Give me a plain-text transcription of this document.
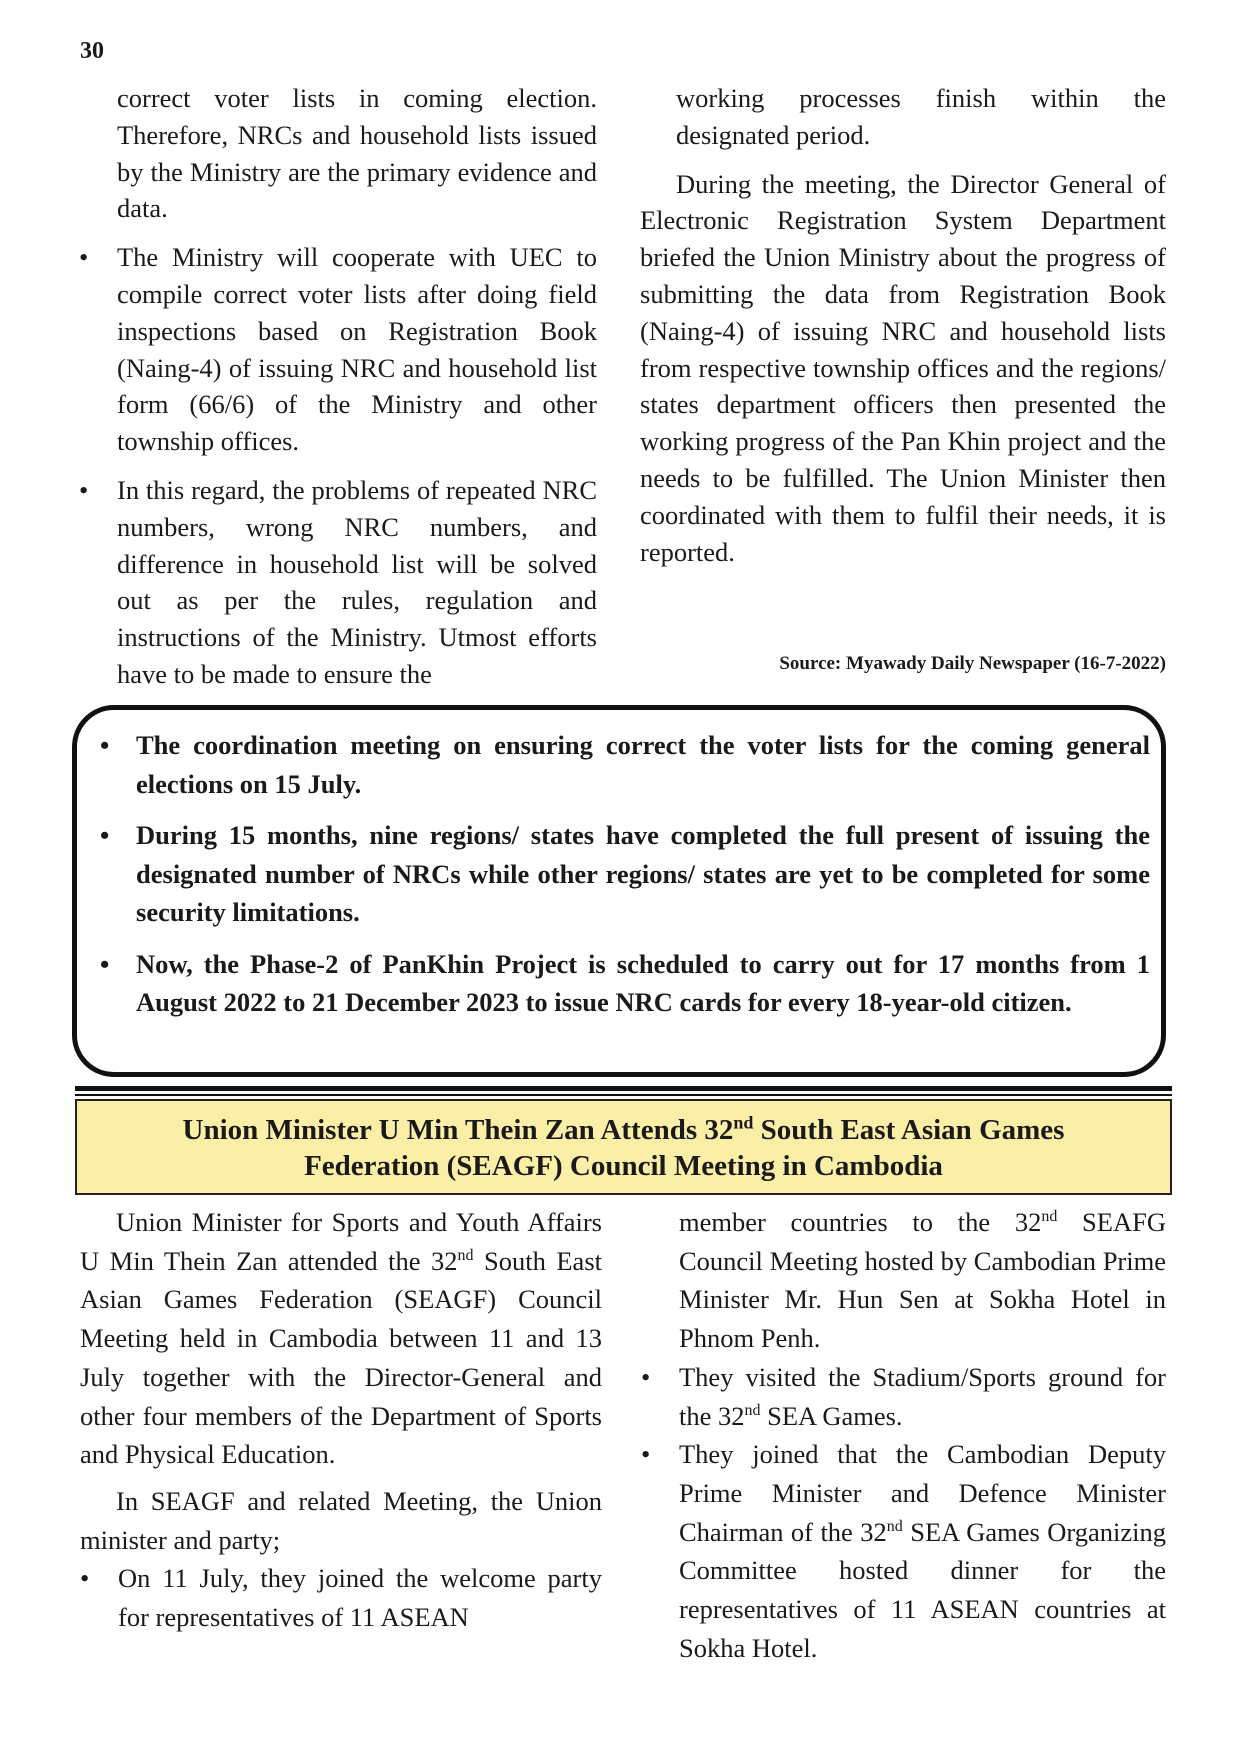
30

correct voter lists in coming election. Therefore, NRCs and household lists issued by the Ministry are the primary evidence and data.

•	The Ministry will cooperate with UEC to compile correct voter lists after doing field inspections based on Registration Book (Naing-4) of issuing NRC and household list form (66/6) of the Ministry and other township offices.
•	In this regard, the problems of repeated NRC numbers, wrong NRC numbers, and difference in household list will be solved out as per the rules, regulation and instructions of the Ministry. Utmost efforts have to be made to ensure the

working processes finish within the designated period.

During the meeting, the Director General of Electronic Registration System Department briefed the Union Ministry about the progress of submitting the data from Registration Book (Naing-4) of issuing NRC and household lists from respective township offices and the regions/ states department officers then presented the working progress of the Pan Khin project and the needs to be fulfilled. The Union Minister then coordinated with them to fulfil their needs, it is reported.

Source: Myawady Daily Newspaper (16-7-2022)
• The coordination meeting on ensuring correct the voter lists for the coming general elections on 15 July.
• During 15 months, nine regions/ states have completed the full present of issuing the designated number of NRCs while other regions/ states are yet to be completed for some security limitations.
• Now, the Phase-2 of PanKhin Project is scheduled to carry out for 17 months from 1 August 2022 to 21 December 2023 to issue NRC cards for every 18-year-old citizen.
Union Minister U Min Thein Zan Attends 32nd South East Asian Games
Federation (SEAGF) Council Meeting in Cambodia

Union Minister for Sports and Youth Affairs U Min Thein Zan attended the 32nd South East Asian Games Federation (SEAGF) Council Meeting held in Cambodia between 11 and 13 July together with the Director-General and other four members of the Department of Sports and Physical Education.

In SEAGF and related Meeting, the Union minister and party;

•	On 11 July, they joined the welcome party for representatives of 11 ASEAN

member countries to the 32nd SEAFG Council Meeting hosted by Cambodian Prime Minister Mr. Hun Sen at Sokha Hotel in Phnom Penh.

•	They visited the Stadium/Sports ground for the 32nd SEA Games.
•	They joined that the Cambodian Deputy Prime Minister and Defence Minister Chairman of the 32nd SEA Games Organizing Committee hosted dinner for the representatives of 11 ASEAN countries at Sokha Hotel.
